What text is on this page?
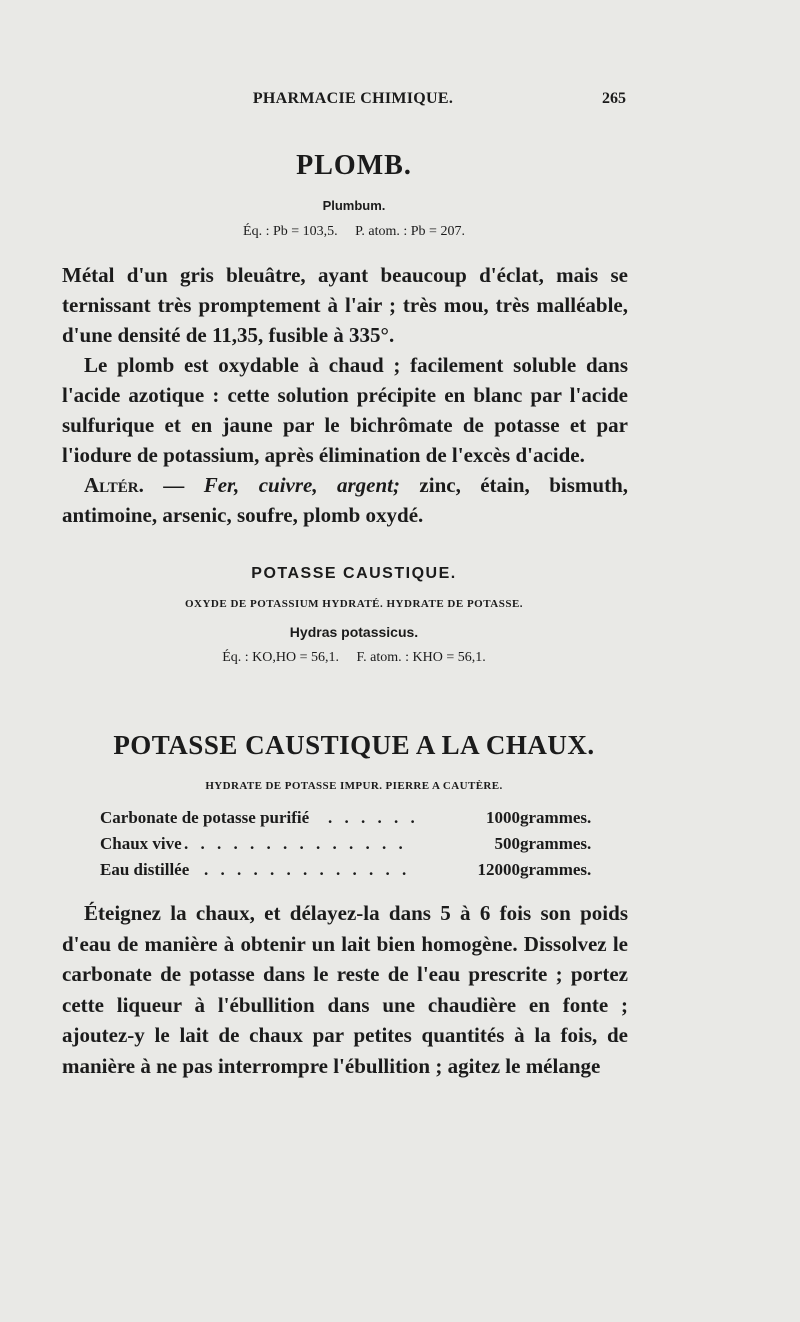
PHARMACIE CHIMIQUE.	265
PLOMB.
Plumbum.
Éq. : Pb = 103,5.     P. atom. : Pb = 207.
Métal d'un gris bleuâtre, ayant beaucoup d'éclat, mais se ternissant très promptement à l'air ; très mou, très malléable, d'une densité de 11,35, fusible à 335°.
Le plomb est oxydable à chaud ; facilement soluble dans l'acide azotique : cette solution précipite en blanc par l'acide sulfurique et en jaune par le bichrômate de potasse et par l'iodure de potassium, après élimination de l'excès d'acide.
Altér. — Fer, cuivre, argent; zinc, étain, bismuth, antimoine, arsenic, soufre, plomb oxydé.
POTASSE CAUSTIQUE.
OXYDE DE POTASSIUM HYDRATÉ. HYDRATE DE POTASSE.
Hydras potassicus.
Éq. : KO,HO = 56,1.     F. atom. : KHO = 56,1.
POTASSE CAUSTIQUE A LA CHAUX.
HYDRATE DE POTASSE IMPUR. PIERRE A CAUTÈRE.
Carbonate de potasse purifié . . . . . .	1000 grammes.
Chaux vive . . . . . . . . . . . . . .	500 grammes.
Eau distillée . . . . . . . . . . . . .	12000 grammes.
Éteignez la chaux, et délayez-la dans 5 à 6 fois son poids d'eau de manière à obtenir un lait bien homogène. Dissolvez le carbonate de potasse dans le reste de l'eau prescrite ; portez cette liqueur à l'ébullition dans une chaudière en fonte ; ajoutez-y le lait de chaux par petites quantités à la fois, de manière à ne pas interrompre l'ébullition ; agitez le mélange
